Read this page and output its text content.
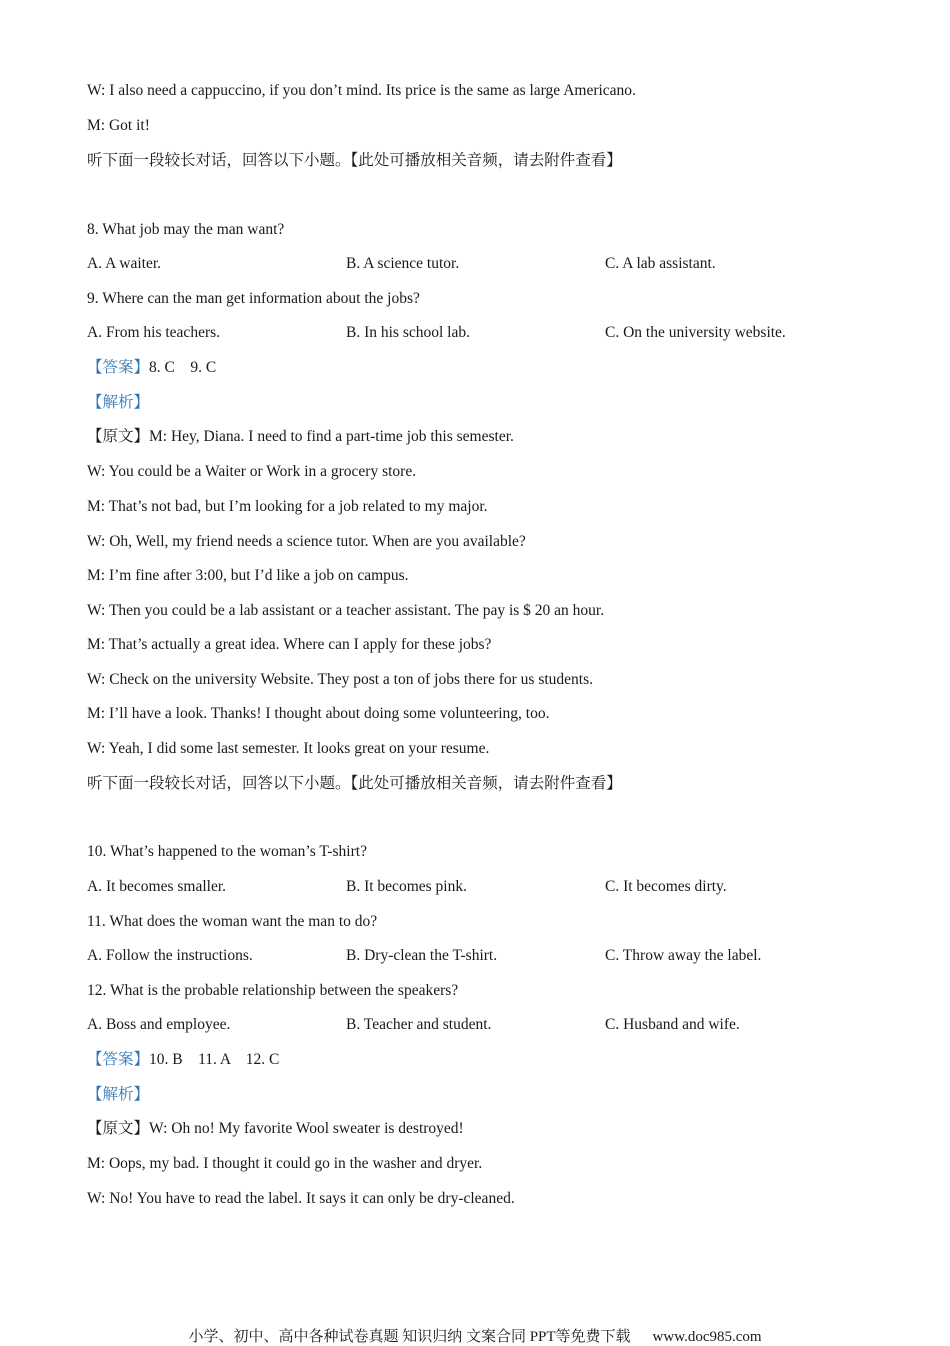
W: I also need a cappuccino, if you don’t mind. Its price is the same as large Americano.
M: Got it!
听下面一段较长对话，回答以下小题。【此处可播放相关音频，请去附件查看】
8. What job may the man want?
A. A waiter.	B. A science tutor.	C. A lab assistant.
9. Where can the man get information about the jobs?
A. From his teachers.	B. In his school lab.	C. On the university website.
【答案】8. C    9. C
【解析】
【原文】M: Hey, Diana. I need to find a part-time job this semester.
W: You could be a Waiter or Work in a grocery store.
M: That’s not bad, but I’m looking for a job related to my major.
W: Oh, Well, my friend needs a science tutor. When are you available?
M: I’m fine after 3:00, but I’d like a job on campus.
W: Then you could be a lab assistant or a teacher assistant. The pay is $ 20 an hour.
M: That’s actually a great idea. Where can I apply for these jobs?
W: Check on the university Website. They post a ton of jobs there for us students.
M: I’ll have a look. Thanks! I thought about doing some volunteering, too.
W: Yeah, I did some last semester. It looks great on your resume.
听下面一段较长对话，回答以下小题。【此处可播放相关音频，请去附件查看】
10. What’s happened to the woman’s T-shirt?
A. It becomes smaller.	B. It becomes pink.	C. It becomes dirty.
11. What does the woman want the man to do?
A. Follow the instructions.	B. Dry-clean the T-shirt.	C. Throw away the label.
12. What is the probable relationship between the speakers?
A. Boss and employee.	B. Teacher and student.	C. Husband and wife.
【答案】10. B    11. A    12. C
【解析】
【原文】W: Oh no! My favorite Wool sweater is destroyed!
M: Oops, my bad. I thought it could go in the washer and dryer.
W: No! You have to read the label. It says it can only be dry-cleaned.
小学、初中、高中各种试卷真题 知识归纳 文案合同 PPT等免费下载 www.doc985.com
